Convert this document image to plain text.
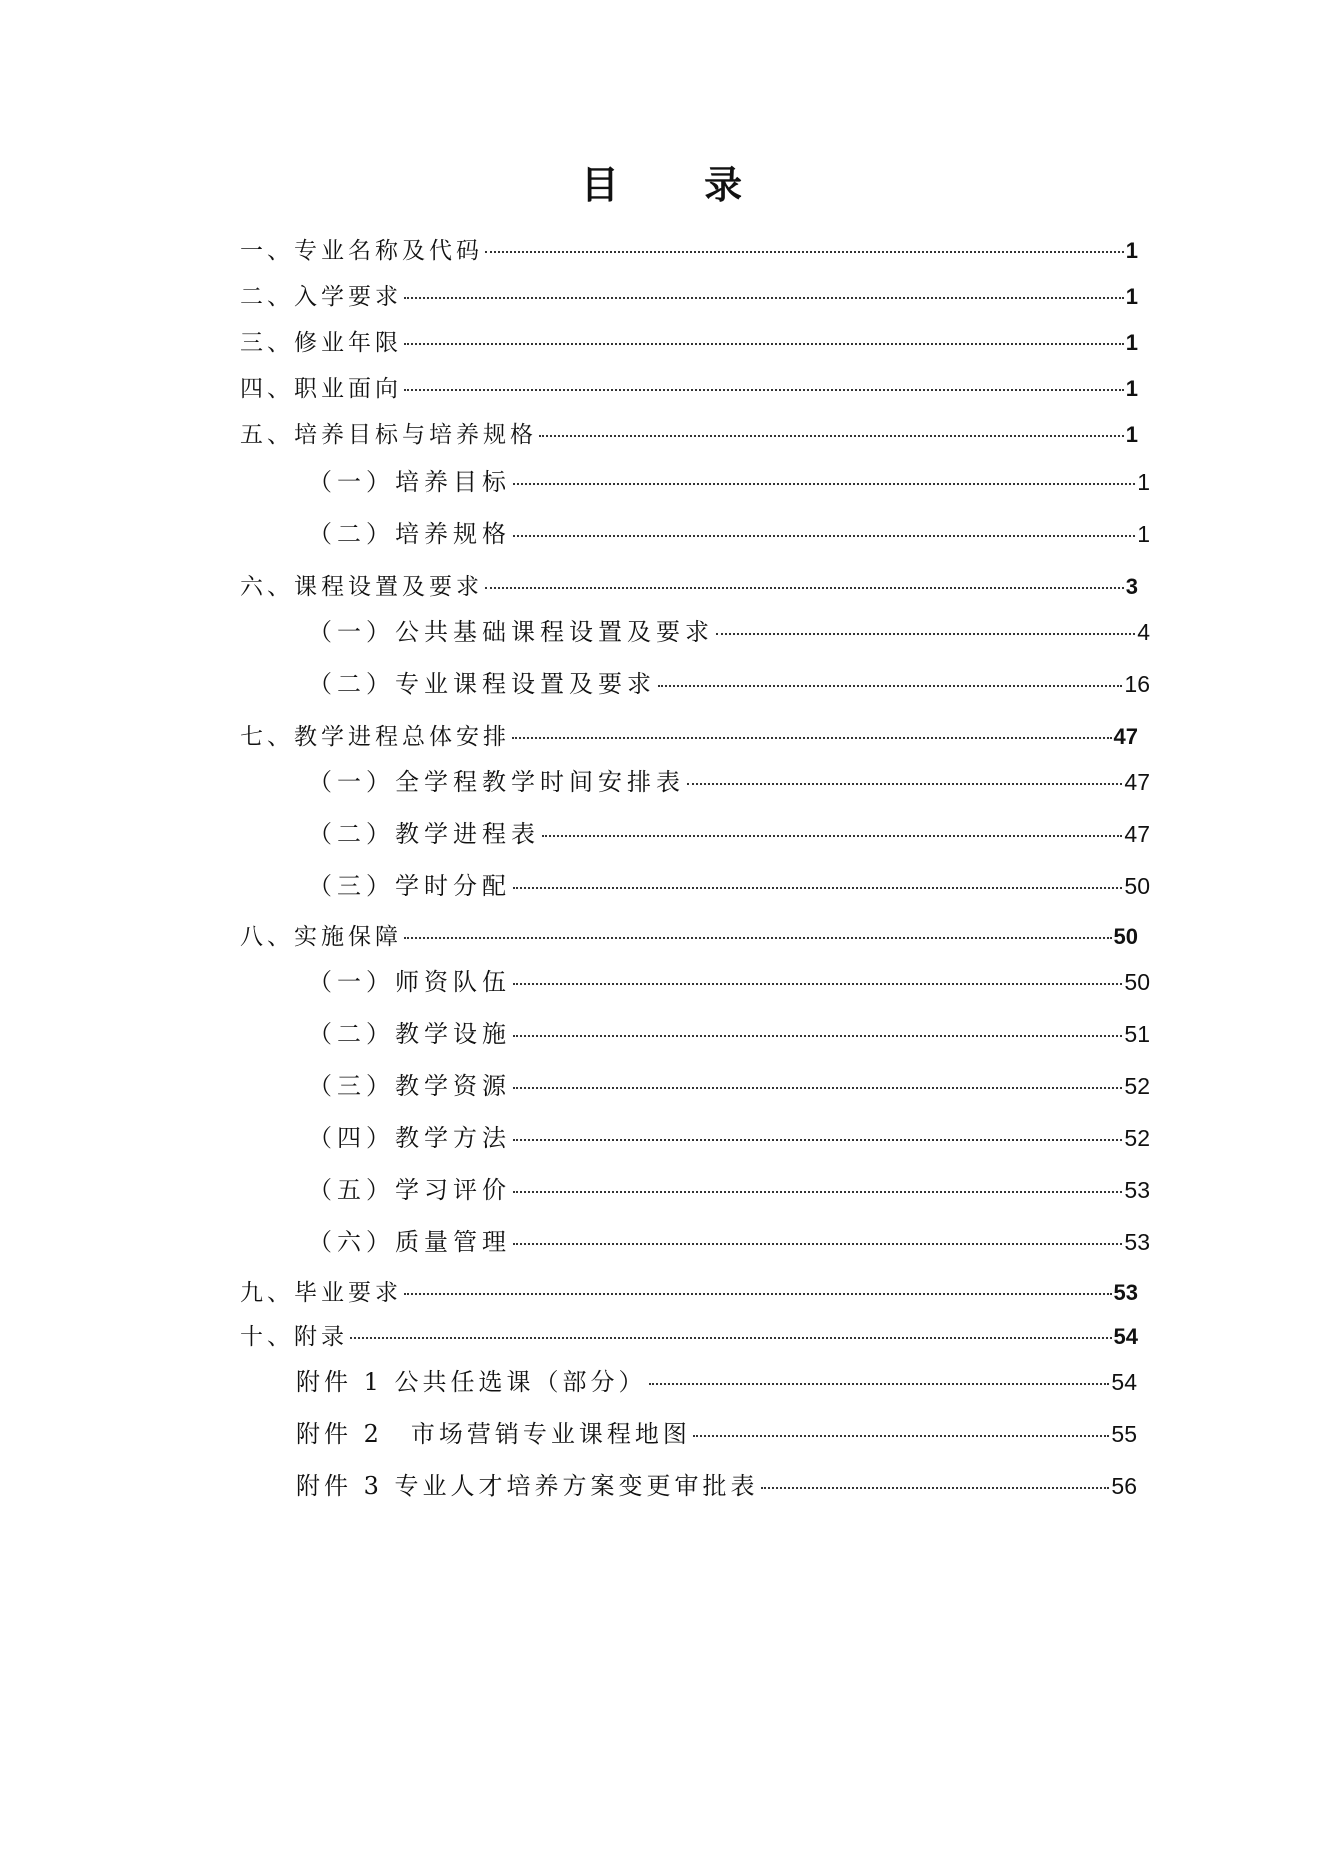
目 录
一、专业名称及代码	1
二、入学要求	1
三、修业年限	1
四、职业面向	1
五、培养目标与培养规格	1
（一）培养目标	1
（二）培养规格	1
六、课程设置及要求	3
（一）公共基础课程设置及要求	4
（二）专业课程设置及要求	16
七、教学进程总体安排	47
（一）全学程教学时间安排表	47
（二）教学进程表	47
（三）学时分配	50
八、实施保障	50
（一）师资队伍	50
（二）教学设施	51
（三）教学资源	52
（四）教学方法	52
（五）学习评价	53
（六）质量管理	53
九、毕业要求	53
十、附录	54
附件 1 公共任选课（部分）	54
附件 2　市场营销专业课程地图	55
附件 3 专业人才培养方案变更审批表	56
